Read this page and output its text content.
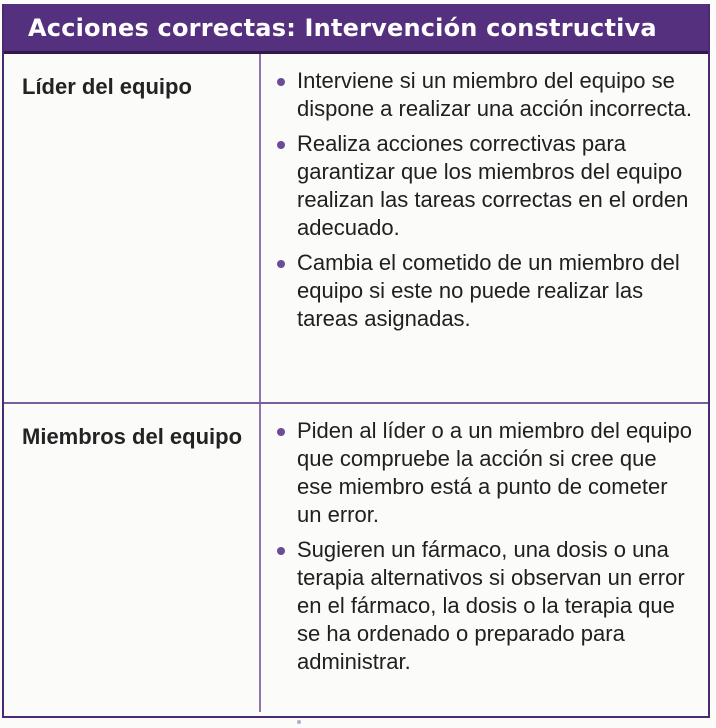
Acciones correctas: Intervención constructiva
Líder del equipo	Interviene si un miembro del equipo se dispone a realizar una acción incorrecta.
Realiza acciones correctivas para garantizar que los miembros del equipo realizan las tareas correctas en el orden adecuado.
Cambia el cometido de un miembro del equipo si este no puede realizar las tareas asignadas.
Miembros del equipo	Piden al líder o a un miembro del equipo que compruebe la acción si cree que ese miembro está a punto de cometer un error.
Sugieren un fármaco, una dosis o una terapia alternativos si observan un error en el fármaco, la dosis o la terapia que se ha ordenado o preparado para administrar.
